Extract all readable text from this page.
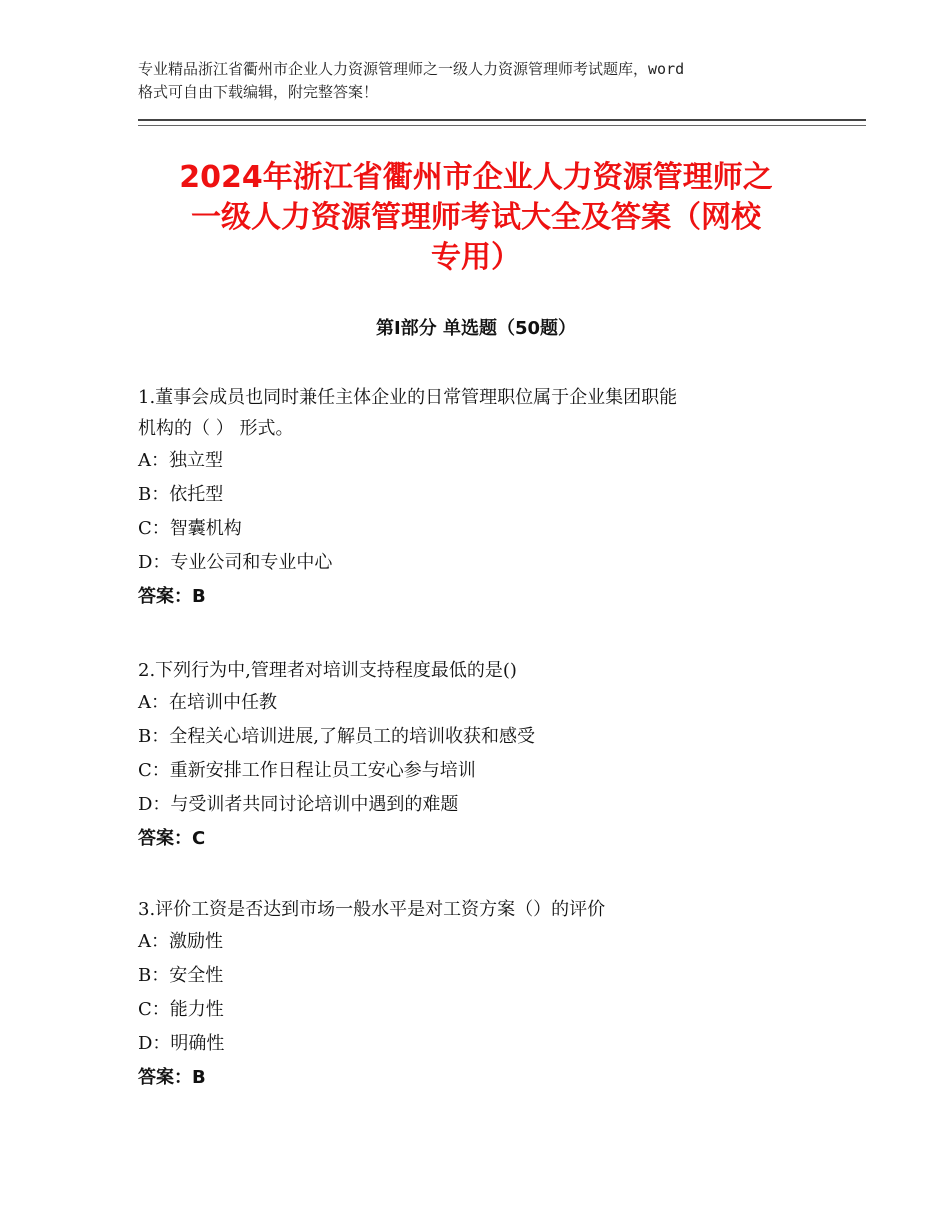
专业精品浙江省衢州市企业人力资源管理师之一级人力资源管理师考试题库，word
格式可自由下载编辑，附完整答案！
2024年浙江省衢州市企业人力资源管理师之
一级人力资源管理师考试大全及答案（网校
专用）
第Ⅰ部分 单选题（50题）
1.董事会成员也同时兼任主体企业的日常管理职位属于企业集团职能
机构的（ ） 形式。
A：独立型
B：依托型
C：智囊机构
D：专业公司和专业中心
答案：B
2.下列行为中,管理者对培训支持程度最低的是()
A：在培训中任教
B：全程关心培训进展,了解员工的培训收获和感受
C：重新安排工作日程让员工安心参与培训
D：与受训者共同讨论培训中遇到的难题
答案：C
3.评价工资是否达到市场一般水平是对工资方案（）的评价
A：激励性
B：安全性
C：能力性
D：明确性
答案：B
